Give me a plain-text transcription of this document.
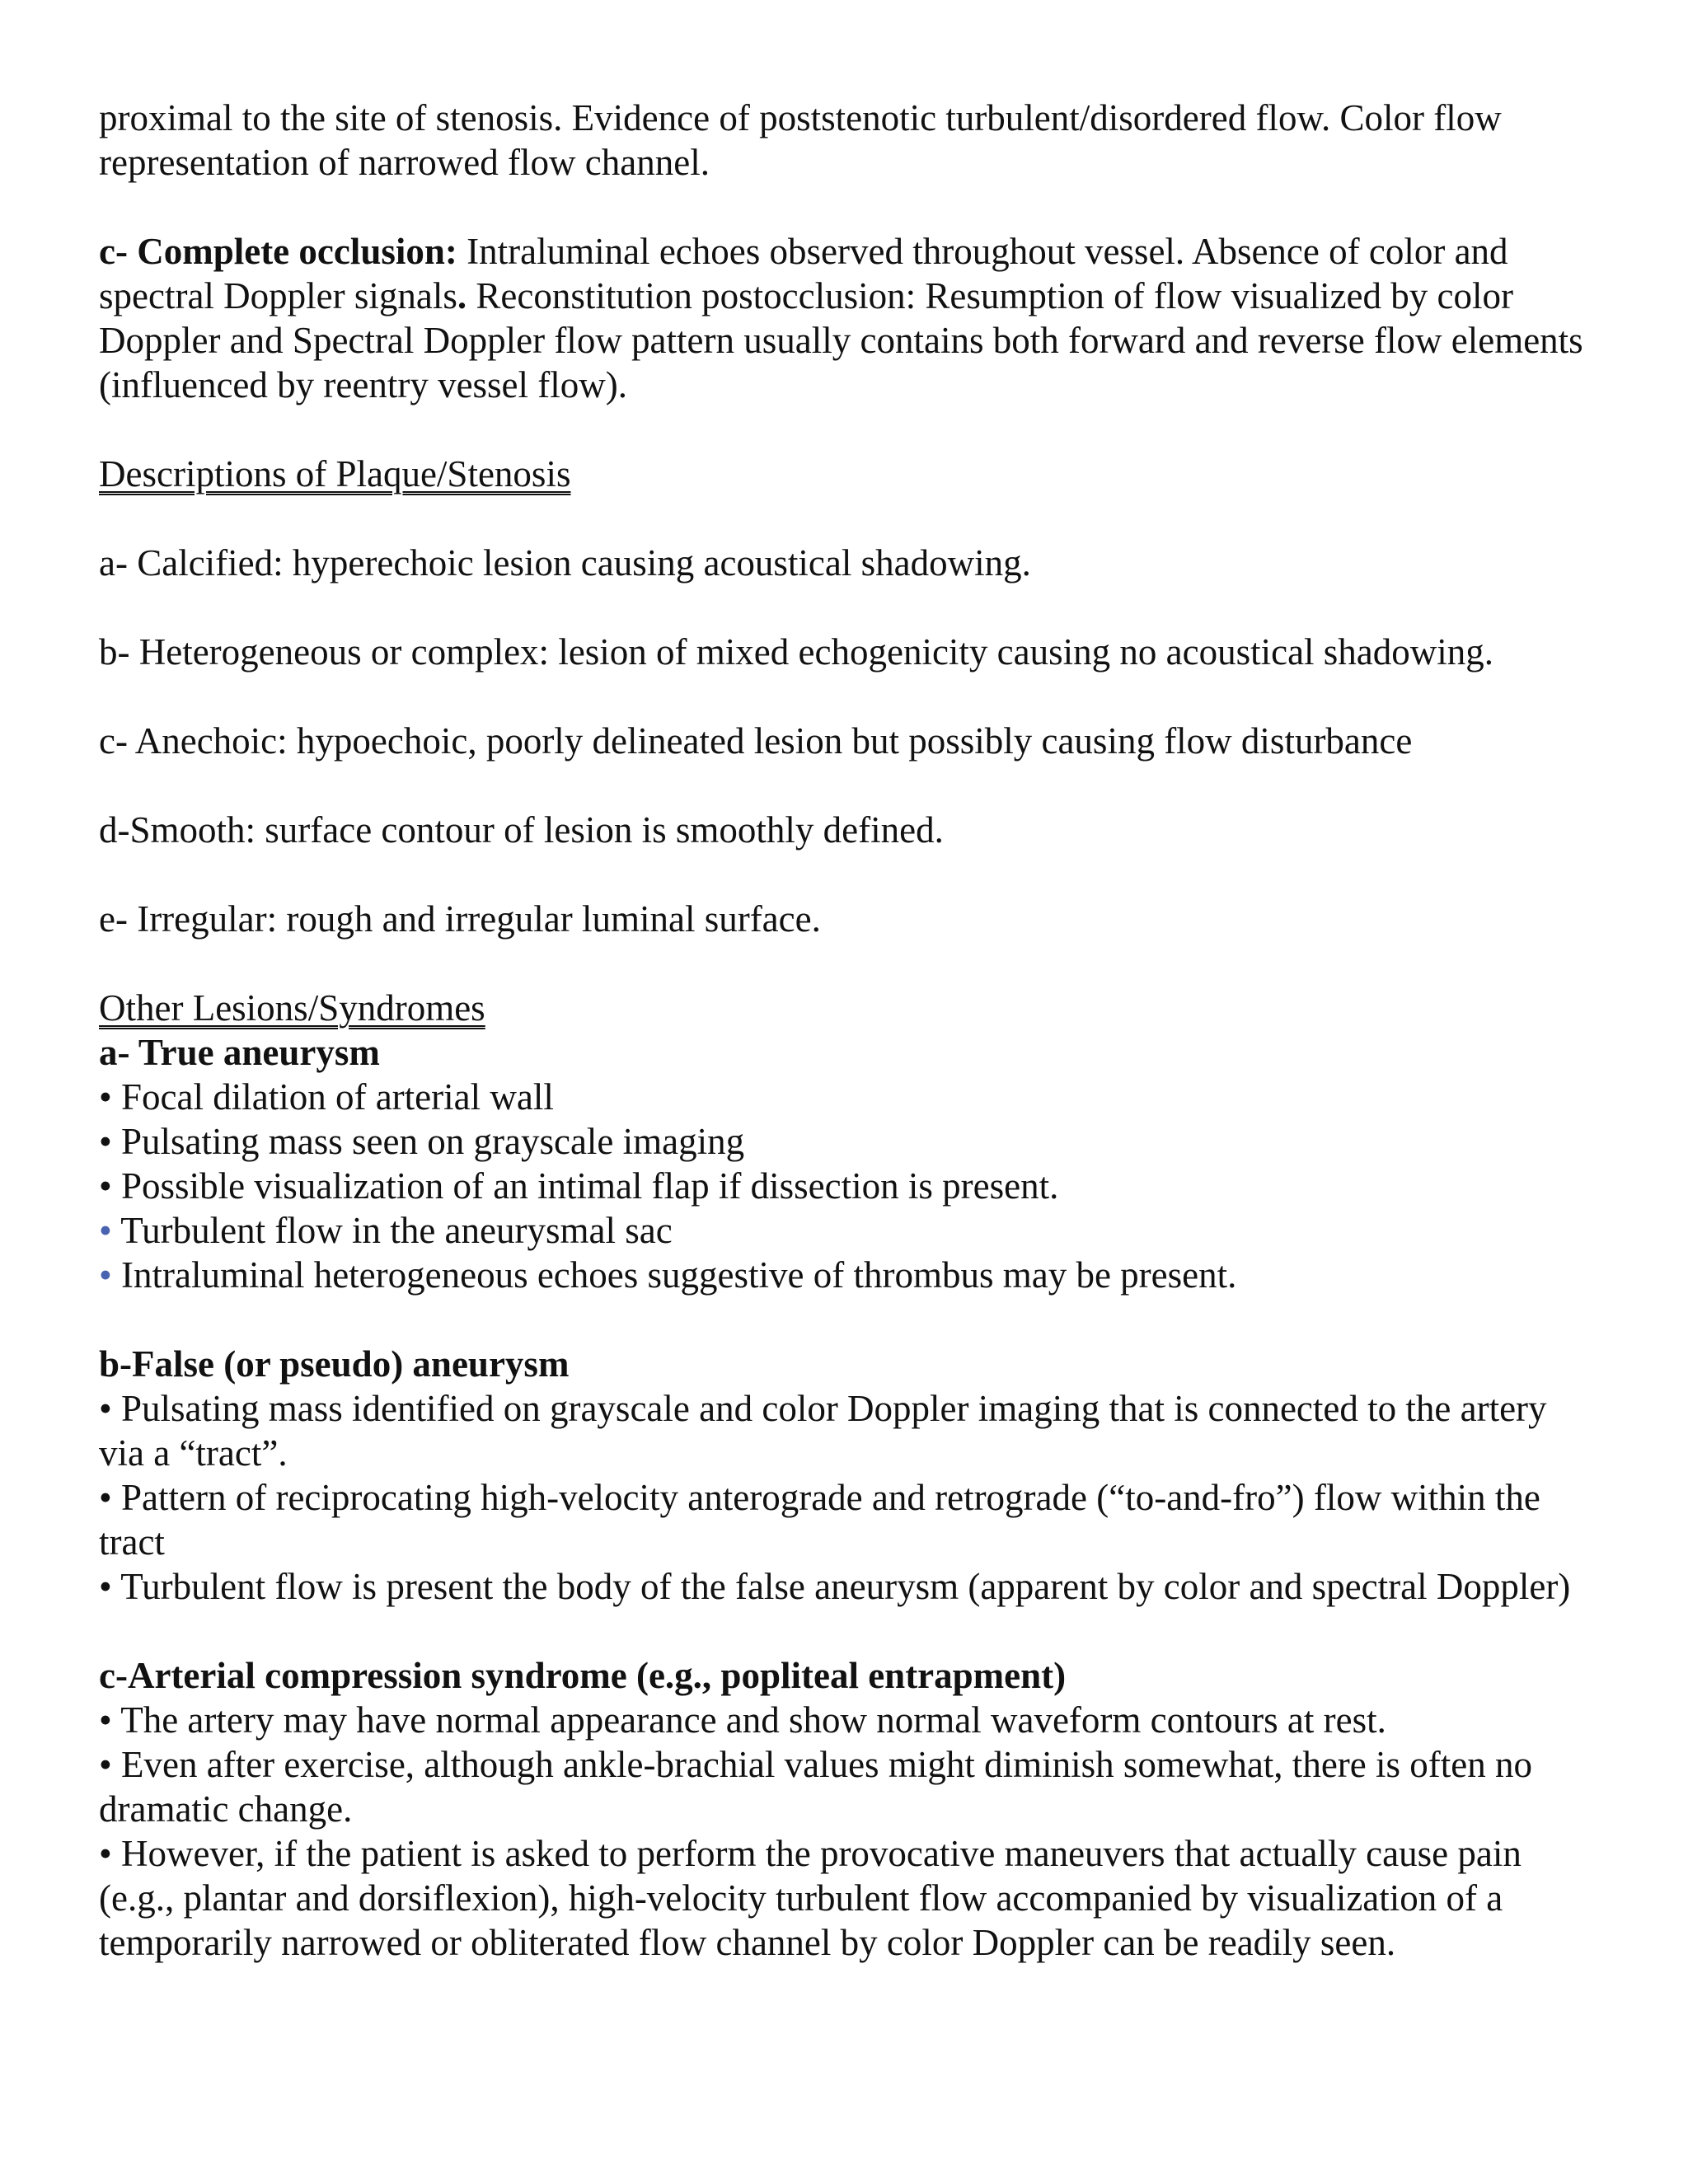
proximal to the site of stenosis. Evidence of poststenotic turbulent/disordered flow. Color flow representation of narrowed flow channel.

c- Complete occlusion: Intraluminal echoes observed throughout vessel. Absence of color and spectral Doppler signals. Reconstitution postocclusion: Resumption of flow visualized by color Doppler and Spectral Doppler flow pattern usually contains both forward and reverse flow elements (influenced by reentry vessel flow).

Descriptions of Plaque/Stenosis

a- Calcified: hyperechoic lesion causing acoustical shadowing.

b- Heterogeneous or complex: lesion of mixed echogenicity causing no acoustical shadowing.

c- Anechoic: hypoechoic, poorly delineated lesion but possibly causing flow disturbance

d-Smooth: surface contour of lesion is smoothly defined.

e- Irregular: rough and irregular luminal surface.

Other Lesions/Syndromes

a- True aneurysm

• Focal dilation of arterial wall

• Pulsating mass seen on grayscale imaging

• Possible visualization of an intimal flap if dissection is present.

• Turbulent flow in the aneurysmal sac

• Intraluminal heterogeneous echoes suggestive of thrombus may be present.

b-False (or pseudo) aneurysm

• Pulsating mass identified on grayscale and color Doppler imaging that is connected to the artery via a “tract”.

• Pattern of reciprocating high-velocity anterograde and retrograde (“to-and-fro”) flow within the tract

• Turbulent flow is present the body of the false aneurysm (apparent by color and spectral Doppler)

c-Arterial compression syndrome (e.g., popliteal entrapment)

• The artery may have normal appearance and show normal waveform contours at rest.

• Even after exercise, although ankle-brachial values might diminish somewhat, there is often no dramatic change.

• However, if the patient is asked to perform the provocative maneuvers that actually cause pain (e.g., plantar and dorsiflexion), high-velocity turbulent flow accompanied by visualization of a temporarily narrowed or obliterated flow channel by color Doppler can be readily seen.
